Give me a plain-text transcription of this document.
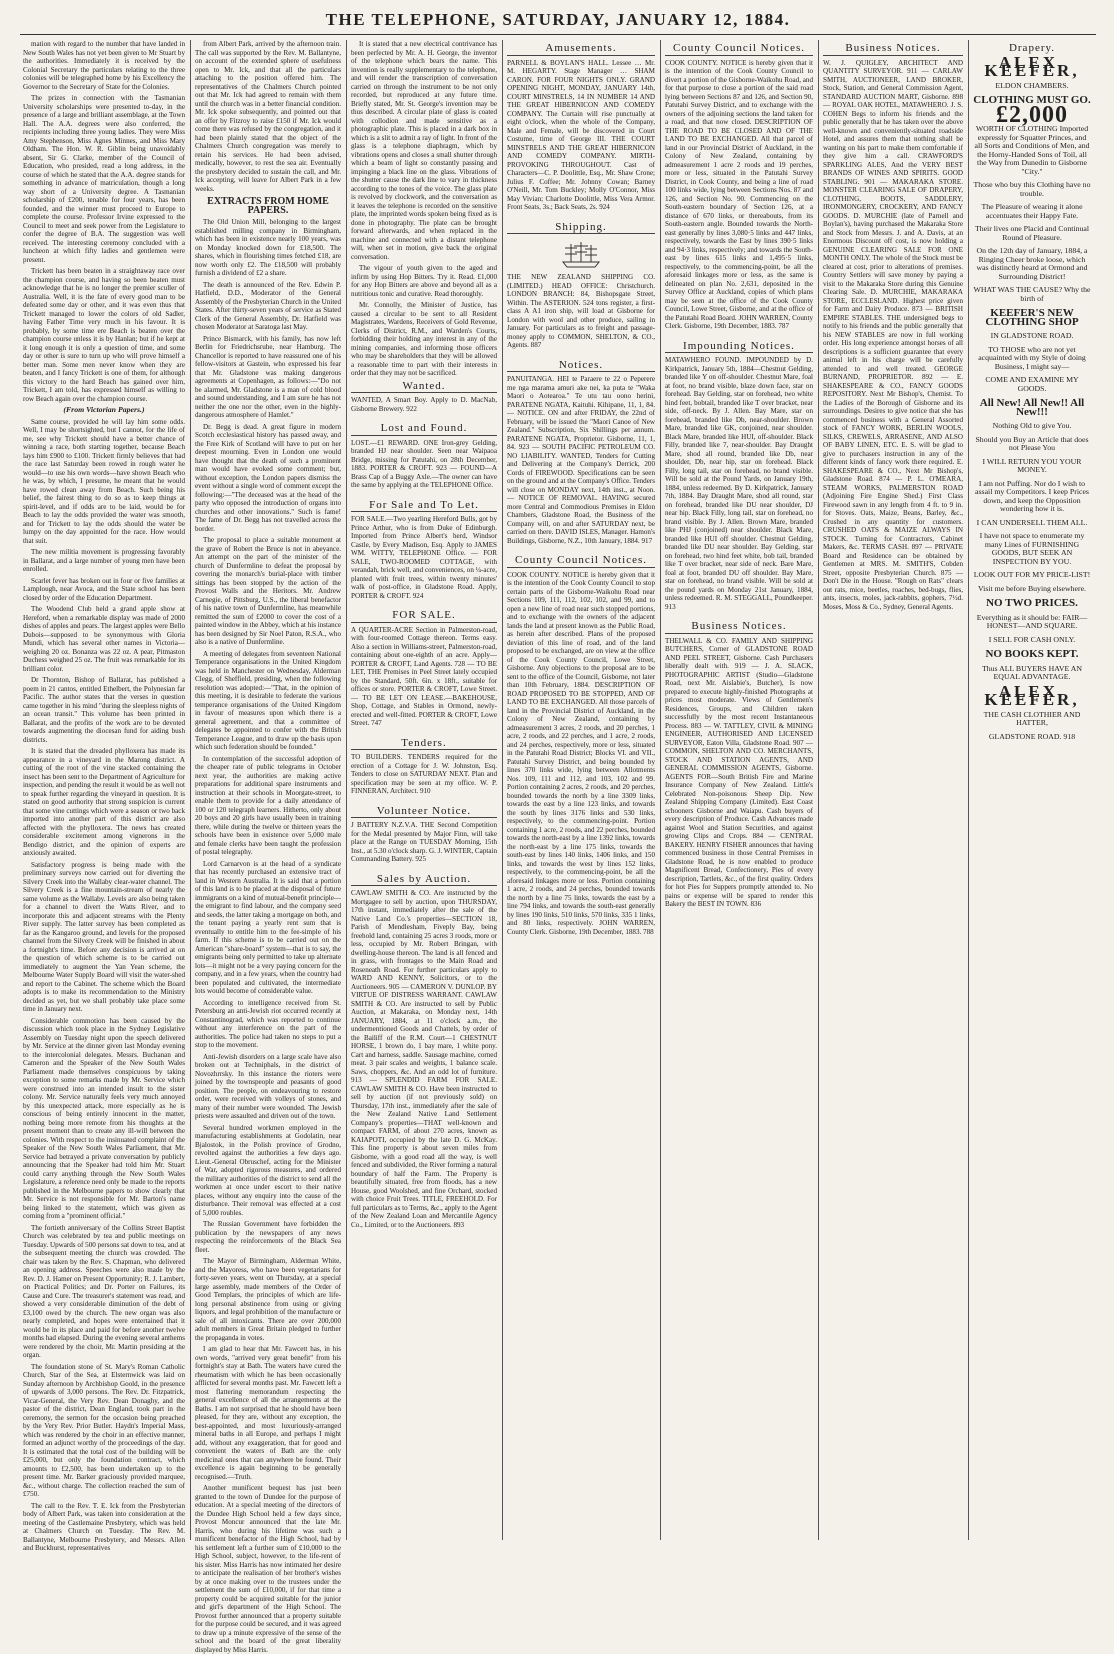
THE TELEPHONE, SATURDAY, JANUARY 12, 1884.

mation with regard to the number that have landed in New South Wales has not yet been given to Mr Stuart by the authorities. Immediately it is received by the Colonial Secretary the particulars relating to the three colonies will be telegraphed home by his Excellency the Governor to the Secretary of State for the Colonies.

The prizes in connection with the Tasmanian University scholarships were presented to-day, in the presence of a large and brilliant assemblage, at the Town Hall. The A.A. degrees were also conferred, the recipients including three young ladies. They were Miss Amy Stephenson, Miss Agnes Minnes, and Miss Mary Oldham. The Hon. W. R. Giblin being unavoidably absent, Sir G. Clarke, member of the Council of Education, who presided, read a long address, in the course of which he stated that the A.A. degree stands for something in advance of matriculation, though a long way short of a University degree. A Tasmanian scholarship of £200, tenable for four years, has been founded, and the winner must proceed to Europe to complete the course. Professor Irvine expressed to the Council to meet and seek power from the Legislature to confer the degree of B.A. The suggestion was well received. The interesting ceremony concluded with a luncheon at which fifty ladies and gentlemen were present.

Trickett has been beaten in a straightaway race over the champion course, and having so been beaten must acknowledge that he is no longer the premier sculler of Australia. Well, it is the fate of every good man to be defeated some day or other, and it was even thus that Trickett managed to lower the colors of old Sadler, having Father Time very much in his favour. It is probably, by some time ere Beach is beaten over the champion course unless it is by Hanlan; but if he kept at it long enough it is only a question of time, and some day or other is sure to turn up who will prove himself a better man. Some men never know when they are beaten, and I fancy Trickett is one of them, for although this victory to the hard Beach has gained over him, Trickett, I am told, has expressed himself as willing to row Beach again over the champion course.

(From Victorian Papers.)

Same course, provided he will lay him some odds. Well, I may be shortsighted, but I cannot, for the life of me, see why Trickett should have a better chance of winning a race, both starting together, because Beach lays him £900 to £100. Trickett firmly believes that had the race last Saturday been rowed in rough water he would—to use his own words—have shown Beach who he was, by which, I presume, he meant that he would have rowed clean away from Beach. Such being his belief, the fairest thing to do so as to keep things at spirit-level, and if odds are to be laid, would be for Beach to lay the odds provided the water was smooth, and for Trickett to lay the odds should the water be lumpy on the day appointed for the race. How would that suit.

The new militia movement is progressing favorably in Ballarat, and a large number of young men have been enrolled.

Scarlet fever has broken out in four or five families at Lamplough, near Avoca, and the State school has been closed by order of the Education Department.

The Woodend Club held a grand apple show at Hereford, when a remarkable display was made of 2000 dishes of apples and pears. The largest apples were Bello Dubois—supposed to be synonymous with Gloria Mundi, which has several other names in Victoria—weighing 20 oz. Bonanza was 22 oz. A pear, Pitmaston Duchess weighed 25 oz. The fruit was remarkable for its brilliant color.

Dr Thornton, Bishop of Ballarat, has published a poem in 21 cantos, entitled Ethelbert, the Polynesian far Pacific. The author states that the verses in question came together in his mind "during the sleepless nights of an ocean transit." This volume has been printed in Ballarat, and the profits of the work are to be devoted towards augmenting the diocesan fund for aiding bush districts.

It is stated that the dreaded phylloxera has made its appearance in a vineyard in the Marong district. A cutting of the root of the vine stacked containing the insect has been sent to the Department of Agriculture for inspection, and pending the result it would be as well not to speak further regarding the vineyard in question. It is stated on good authority that strong suspicion is current that some vine cuttings which were a season or two back imported into another part of this district are also affected with the phylloxera. The news has created considerable excitement among vignerons in the Bendigo district, and the opinion of experts are anxiously awaited.

Satisfactory progress is being made with the preliminary surveys now carried out for diverting the Silvery Creek into the Wallaby clear-water channel. The Silvery Creek is a fine mountain-stream of nearly the same volume as the Wallaby. Levels are also being taken for a channel to divert the Watts River, and to incorporate this and adjacent streams with the Plenty River supply. The latter survey has been completed as far as the Kangaroo ground, and levels for the proposed channel from the Silvery Creek will be finished in about a fortnight's time. Before any decision is arrived at on the question of which scheme is to be carried out immediately to augment the Yan Yean scheme, the Melbourne Water Supply Board will visit the water-shed and report to the Cabinet. The scheme which the Board adopts is to make its recommendation to the Ministry decided as yet, but we shall probably take place some time in January next.

Considerable commotion has been caused by the discussion which took place in the Sydney Legislative Assembly on Tuesday night upon the speech delivered by Mr. Service at the dinner given last Monday evening to the intercolonial delegates. Messrs. Buchanan and Cameron and the Speaker of the New South Wales Parliament made themselves conspicuous by taking exception to some remarks made by Mr. Service which were construed into an intended insult to the sister colony. Mr. Service naturally feels very much annoyed by this unexpected attack, more especially as he is conscious of being entirely innocent in the matter, nothing being more remote from his thoughts at the present moment than to create any ill-will between the colonies. With respect to the insinuated complaint of the Speaker of the New South Wales Parliament, that Mr. Service had betrayed a private conversation by publicly announcing that the Speaker had told him Mr. Stuart could carry anything through the New South Wales Legislature, a reference need only be made to the reports published in the Melbourne papers to show clearly that Mr. Service is not responsible for Mr. Barton's name being linked to the statement, which was given as coming from a "prominent official."

The fortieth anniversary of the Collins Street Baptist Church was celebrated by tea and public meetings on Tuesday. Upwards of 500 persons sat down to tea, and at the subsequent meeting the church was crowded. The chair was taken by the Rev. S. Chapman, who delivered an opening address. Speeches were also made by the Rev. D. J. Hamer on Present Opportunity; R. J. Lambert, on Practical Politics; and Dr. Porter on Failures, its Cause and Cure. The treasurer's statement was read, and showed a very considerable diminution of the debt of £3,100 owed by the church. The new organ was also nearly completed, and hopes were entertained that it would be in its place and paid for before another twelve months had elapsed. During the evening several anthems were rendered by the choir, Mr. Martin presiding at the organ.

The foundation stone of St. Mary's Roman Catholic Church, Star of the Sea, at Elsternwick was laid on Sunday afternoon by Archbishop Goold, in the presence of upwards of 3,000 persons. The Rev. Dr. Fitzpatrick, Vicar-General, the Very Rev. Dean Donaghy, and the pastor of the district, Dean England, took part in the ceremony, the sermon for the occasion being preached by the Very Rev. Prior Butler. Haydn's Imperial Mass, which was rendered by the choir in an effective manner, formed an adjunct worthy of the proceedings of the day. It is estimated that the total cost of the building will be £25,000, but only the foundation contract, which amounts to £2,500, has been undertaken up to the present time. Mr. Barker graciously provided marquee, &c., without charge. The collection reached the sum of £750.

The call to the Rev. T. E. Ick from the Presbyterian body of Albert Park, was taken into consideration at the meeting of the Castlemaine Presbytery, which was held at Chalmers Church on Tuesday. The Rev. M. Ballantyne, Melbourne Presbytery, and Messrs. Allen and Buckhurst, representatives

from Albert Park, arrived by the afternoon train. The call was supported by the Rev. M. Ballantyne, on account of the extended sphere of usefulness open to Mr. Ick, and that all the particulars attaching to the position offered him. The representatives of the Chalmers Church pointed out that Mr. Ick had agreed to remain with them until the church was in a better financial condition. Mr. Ick spoke subsequently, and pointed out that an offer by Fitzroy to raise £150 if Mr. Ick would come there was refused by the congregation, and it had been plainly stated that the object of the Chalmers Church congregation was merely to retain his services. He had been advised, medically, however, to rest the sea air. Eventually the presbytery decided to sustain the call, and Mr. Ick accepting, will leave for Albert Park in a few weeks.

EXTRACTS FROM HOME PAPERS.

The Old Union Mill, belonging to the largest established milling company in Birmingham, which has been in existence nearly 100 years, was on Monday knocked down for £18,500. The shares, which in flourishing times fetched £18, are now worth only £2. The £18,500 will probably furnish a dividend of £2 a share.

The death is announced of the Rev. Edwin P. Hatfield, D.D., Moderator of the General Assembly of the Presbyterian Church in the United States. After thirty-seven years of service as Stated Clerk of the General Assembly, Dr. Hatfield was chosen Moderator at Saratoga last May.

Prince Bismarck, with his family, has now left Berlin for Friedrichsruhe, near Hamburg. The Chancellor is reported to have reassured one of his fellow-visitors at Gastein, who expressed his fear that Mr. Gladstone was making dangerous agreements at Copenhagen, as follows:—"Do not be alarmed, Mr. Gladstone is a man of cold blood and sound understanding, and I am sure he has not neither the one nor the other, even in the highly-dangerous atmosphere of Hamlet."

Dr. Begg is dead. A great figure in modern Scotch ecclesiastical history has passed away, and the Free Kirk of Scotland will have to put on her deepest mourning. Even in London one would have thought that the death of such a prominent man would have evoked some comment; but, without exception, the London papers dismiss the event without a single word of comment except the following:—"The deceased was at the head of the party who opposed the introduction of organs into churches and other innovations." Such is fame! The fame of Dr. Begg has not travelled across the border.

The proposal to place a suitable monument at the grave of Robert the Bruce is not in abeyance. An attempt on the part of the minister of the church of Dunfermline to defeat the proposal by covering the monarch's burial-place with timber sittings has been stopped by the action of the Provost Walls and the Heritors. Mr. Andrew Carnegie, of Pittsburg, U.S., the liberal benefactor of his native town of Dunfermline, has meanwhile remitted the sum of £2000 to cover the cost of a painted window in the Abbey, which at his instance has been designed by Sir Noel Paton, R.S.A., who also is a native of Dunfermline.

A meeting of delegates from seventeen National Temperance organisations in the United Kingdom was held in Manchester on Wednesday, Alderman Clegg, of Sheffield, presiding, when the following resolution was adopted:—"That, in the opinion of this meeting, it is desirable to federate the various temperance organisations of the United Kingdom in favour of measures upon which there is a general agreement, and that a committee of delegates be appointed to confer with the British Temperance League, and to draw up the basis upon which such federation should be founded."

In contemplation of the successful adoption of the cheaper rate of public telegrams in October next year, the authorities are making active preparations for additional spare instruments and instruction at their schools in Moorgate-street, to enable them to provide for a daily attendance of 100 or 120 telegraph learners. Hitherto, only about 20 boys and 20 girls have usually been in training there, while during the twelve or thirteen years the schools have been in existence over 5,000 male and female clerks have been taught the profession of postal telegraphy.

Lord Carnarvon is at the head of a syndicate that has recently purchased an extensive tract of land in Western Australia. It is said that a portion of this land is to be placed at the disposal of future immigrants on a kind of mutual-benefit principle—the emigrant to find labour, and the company seed and seeds, the latter taking a mortgage on both, and the tenant paying a yearly rent sum that is eventually to entitle him to the fee-simple of his farm. If this scheme is to be carried out on the American "share-board" system—that is to say, the emigrants being only permitted to take up alternate lots—it might not be a very paying concern for the company, and in a few years, when the country had been populated and cultivated, the intermediate lots would become of considerable value.

According to intelligence received from St. Petersburg an anti-Jewish riot occurred recently at Constantinograd, which was reported to continue without any interference on the part of the authorities. The police had taken no steps to put a stop to the movement.

Anti-Jewish disorders on a large scale have also broken out at Techniphals, in the district of Novozhrrsky. In this instance the rioters were joined by the townspeople and peasants of good position. The people, on endeavouring to restore order, were received with volleys of stones, and many of their number were wounded. The Jewish priests were assaulted and driven out of the town.

Several hundred workmen employed in the manufacturing establishments at Godolatin, near Bjalostok, in the Polish province of Grodno, revolted against the authorities a few days ago. Lieut.-General Obruschef, acting for the Minister of War, adopted rigorous measures, and ordered the military authorities of the district to send all the workmen at once under escort to their native places, without any enquiry into the cause of the disturbance. Their removal was effected at a cost of 5,000 roubles.

The Russian Government have forbidden the publication by the newspapers of any news respecting the reinforcements of the Black Sea fleet.

The Mayor of Birmingham, Alderman White, and the Mayoress, who have been vegetarians for forty-seven years, went on Thursday, at a special large assembly, made members of the Order of Good Templars, the principles of which are life-long personal abstinence from using or giving liquors, and legal prohibition of the manufacture or sale of all intoxicants. There are over 200,000 adult members in Great Britain pledged to further the propaganda in votes.

I am glad to hear that Mr. Fawcett has, in his own words, "arrived very great benefit" from his fortnight's stay at Bath. The waters have cured the rheumatism with which he has been occasionally afflicted for several months past. Mr. Fawcett left a most flattering memorandum respecting the general excellence of all the arrangements at the Baths. I am not surprised that he should have been pleased, for they are, without any exception, the best-appointed, and most luxuriously-arranged mineral baths in all Europe, and perhaps I might add, without any exaggeration, that for good and convenient the waters of Bath are the only medicinal ones that can anywhere be found. Their excellence is again beginning to be generally recognised.—Truth.

Another munificent bequest has just been granted to the town of Dundee for the purpose of education. At a special meeting of the directors of the Dundee High School held a few days since, Provost Moncur announced that the late Mr. Harris, who during his lifetime was such a munificent benefactor of the High School, had by his settlement left a further sum of £10,000 to the High School, subject, however, to the life-rent of his sister. Miss Harris has now intimated her desire to anticipate the realisation of her brother's wishes by at once making over to the trustees under the settlement the sum of £10,000, if for that time a property could be acquired suitable for the junior and girl's department of the High School. The Provost further announced that a property suitable for the purpose could be secured, and it was agreed to draw up a minute expressive of the sense of the school and the board of the great liberality displayed by Miss Harris.

It is stated that a new electrical contrivance has been perfected by Mr. A. H. George, the inventor of the telephone which bears the name. This invention is really supplementary to the telephone, and will render the transcription of conversation carried on through the instrument to be not only recorded, but reproduced at any future time. Briefly stated, Mr. St. George's invention may be thus described. A circular plate of glass is coated with collodion and made sensitive as a photographic plate. This is placed in a dark box in which is a slit to admit a ray of light. In front of the glass is a telephone diaphragm, which by vibrations opens and closes a small shutter through which a beam of light so constantly passing and impinging a black line on the glass. Vibrations of the shutter cause the dark line to vary in thickness according to the tones of the voice. The glass plate is revolved by clockwork, and the conversation as it leaves the telephone is recorded on the sensitive plate, the imprinted words spoken being fixed as is done in photography. The plate can be brought forward afterwards, and when replaced in the machine and connected with a distant telephone will, when set in motion, give back the original conversation.

The vigour of youth given to the aged and infirm by using Hop Bitters. Try it. Read. £1,000 for any Hop Bitters are above and beyond all as a nutritious tonic and curative. Read thoroughly.

Mr. Connolly, the Minister of Justice, has caused a circular to be sent to all Resident Magistrates, Wardens, Receivers of Gold Revenue, Clerks of District, R.M., and Warden's Courts, forbidding their holding any interest in any of the mining companies, and informing those officers who may be shareholders that they will be allowed a reasonable time to part with their interests in order that they may not be sacrificed.

Wanted.

WANTED, A Smart Boy. Apply to D. MacNab, Gisborne Brewery. 922

Lost and Found.

LOST.—£1 REWARD. ONE Iron-grey Gelding, branded HJ near shoulder. Seen near Waipaoa Bridge, missing for Patutahi, on 28th December, 1883. PORTER & CROFT. 923 — FOUND—A Brass Cap of a Buggy Axle.—The owner can have the same by applying at the TELEPHONE Office.

For Sale and To Let.

FOR SALE.—Two yearling Hereford Bulls, got by Prince Arthur, who is from Duke of Edinburgh. Imported from Prince Albert's herd, Windsor Castle, by Every Madison, Esq. Apply to JAMES WM. WITTY, TELEPHONE Office. — FOR SALE, TWO-ROOMED COTTAGE, with verandah, brick well, and conveniences, on ¼-acre, planted with fruit trees, within twenty minutes' walk of post-office, in Gladstone Road. Apply, PORTER & CROFT. 924

FOR SALE.

A QUARTER-ACRE Section in Palmerston-road, with four-roomed Cottage thereon. Terms easy. Also a section in Williams-street, Palmerston-road, containing about one-eighth of an acre. Apply—PORTER & CROFT, Land Agents. 728 — TO BE LET, THE Premises in Peel Street lately occupied by the Standard, 50ft. 6in. x 18ft., suitable for offices or store. PORTER & CROFT, Lowe Street. — TO BE LET ON LEASE.—BAKEHOUSE, Shop, Cottage, and Stables in Ormond, newly-erected and well-fitted. PORTER & CROFT, Lowe Street. 747

Tenders.

TO BUILDERS. TENDERS required for the erection of a Cottage for J. W. Johnston, Esq. Tenders to close on SATURDAY NEXT. Plan and specification may be seen at my office. W. P. FINNERAN, Architect. 910

Volunteer Notice.

J BATTERY N.Z.V.A. THE Second Competition for the Medal presented by Major Finn, will take place at the Range on TUESDAY Morning, 15th Inst., at 5.30 o'clock sharp. G. J. WINTER, Captain Commanding Battery. 925

Sales by Auction.

CAWLAW SMITH & CO. Are instructed by the Mortgagee to sell by auction, upon THURSDAY, 17th instant, immediately after the sale of the Native Land Co.'s properties—SECTION 18, Parish of Mendlesham, Fiveply Bay, being freehold land, containing 25 acres 3 roods, more or less, occupied by Mr. Robert Bringan, with dwelling-house thereon. The land is all fenced and in grass, with frontages to the Main Road and Roseneath Road. For further particulars apply to WARD AND KENNY, Solicitors, or to the Auctioneers. 905 — CAMERON V. DUNLOP. BY VIRTUE OF DISTRESS WARRANT. CAWLAW SMITH & CO. Are instructed to sell by Public Auction, at Makaraka, on Monday next, 14th JANUARY, 1884, at 11 o'clock a.m., the undermentioned Goods and Chattels, by order of the Bailiff of the R.M. Court—1 CHESTNUT HORSE, 1 brown do, 1 bay mare, 1 white pony. Cart and harness, saddle. Sausage machine, corned meat. 3 pair scales and weights, 1 balance scale. Saws, choppers, &c. And an odd lot of furniture. 913 — SPLENDID FARM FOR SALE. CAWLAW SMITH & CO. Have been instructed to sell by auction (if not previously sold) on Thursday, 17th inst., immediately after the sale of the New Zealand Native Land Settlement Company's properties—THAT well-known and compact FARM, of about 270 acres, known as KAIAPOTI, occupied by the late D. G. McKay. This fine property is about seven miles from Gisborne, with a good road all the way, is well fenced and subdivided, the River forming a natural boundary of half the Farm. The Property is beautifully situated, free from floods, has a new House, good Woolshed, and fine Orchard, stocked with choice Fruit Trees. TITLE, FREEHOLD. For full particulars as to Terms, &c., apply to the Agent of the New Zealand Loan and Mercantile Agency Co., Limited, or to the Auctioneers. 893

Amusements.

PARNELL & BOYLAN'S HALL. Lessee … Mr. M. HEGARTY. Stage Manager … SHAM CARON. FOR FOUR NIGHTS ONLY. GRAND OPENING NIGHT, MONDAY, JANUARY 14th, COURT MINSTRELS, 14 IN NUMBER 14 AND THE GREAT HIBERNICON AND COMEDY COMPANY. The Curtain will rise punctually at eight o'clock, when the whole of the Company, Male and Female, will be discovered in Court Costume, time of George III. THE COURT MINSTRELS AND THE GREAT HIBERNICON AND COMEDY COMPANY. MIRTH-PROVOKING THROUGHOUT. Cast of Characters—C. P. Doolittle, Esq., Mr. Shaw Crone; Julius F. Coffee; Mr. Johnny Cowan; Barney O'Neill, Mr. Tom Buckley; Molly O'Connor, Miss May Vivian; Charlotte Doolittle, Miss Vera Armor. Front Seats, 3s.; Back Seats, 2s. 924

Shipping.

THE NEW ZEALAND SHIPPING CO. (LIMITED.) HEAD OFFICE: Christchurch. LONDON BRANCH: 84, Bishopsgate Street, Within. The ASTERION. 524 tons register, a first-class A A1 iron ship, will load at Gisborne for London with wool and other produce, sailing in January. For particulars as to freight and passage-money apply to COMMON, SHELTON, & CO., Agents. 887

Notices.

PANUITANGA. HEI te Paraere te 22 o Peperere me nga marama amuri ake nei, ka puta te "Waka Maori o Aotearoa." Te utu tau oono herini, PARATENE NGATA, Kaituhi. Kihipane, 11, 1, 84. — NOTICE. ON and after FRIDAY, the 22nd of February, will be issued the "Maori Canoe of New Zealand." Subscription, Six Shillings per annum. PARATENE NGATA, Proprietor. Gisborne, 11, 1, 84. 923 — SOUTH PACIFIC PETROLEUM CO. NO LIABILITY. WANTED, Tenders for Cutting and Delivering at the Company's Derrick, 200 Cords of FIREWOOD. Specifications can be seen on the ground and at the Company's Office. Tenders will close on MONDAY next, 14th inst., at Noon. — NOTICE OF REMOVAL. HAVING secured more Central and Commodious Premises in Eldon Chambers, Gladstone Road, the Business of the Company will, on and after SATURDAY next, be carried on there. DAVID ISLES, Manager. Hamon's Buildings, Gisborne, N.Z., 10th January, 1884. 917

County Council Notices.

COOK COUNTY. NOTICE is hereby given that it is the intention of the Cook County Council to stop certain parts of the Gisborne-Waikohu Road near Sections 109, 111, 112, 102, 102, and 99, and to open a new line of road near such stopped portions, and to exchange with the owners of the adjacent lands the land at present known as the Public Road, as herein after described. Plans of the proposed deviation of this line of road, and of the land proposed to be exchanged, are on view at the office of the Cook County Council, Lowe Street, Gisborne. Any objections to the proposal are to be sent to the office of the Council, Gisborne, not later than 10th February, 1884. DESCRIPTION OF ROAD PROPOSED TO BE STOPPED, AND OF LAND TO BE EXCHANGED. All those parcels of land in the Provincial District of Auckland, in the Colony of New Zealand, containing by admeasurement 3 acres, 2 roods, and 20 perches, 1 acre, 2 roods, and 22 perches, and 1 acre, 2 roods, and 24 perches, respectively, more or less, situated in the Patutahi Road District; Blocks VI. and VII., Patutahi Survey District, and being bounded by lines 370 links wide, lying between Allotments Nos. 109, 111 and 112, and 103, 102 and 99. Portion containing 2 acres, 2 roods, and 20 perches, bounded towards the north by a line 3309 links, towards the east by a line 123 links, and towards the south by lines 3176 links and 530 links, respectively, to the commencing-point. Portion containing 1 acre, 2 roods, and 22 perches, bounded towards the north-east by a line 1392 links, towards the north-east by a line 175 links, towards the south-east by lines 140 links, 1406 links, and 150 links, and towards the west by lines 152 links, respectively, to the commencing-point, be all the aforesaid linkages more or less. Portion containing 1 acre, 2 roods, and 24 perches, bounded towards the north by a line 75 links, towards the east by a line 794 links, and towards the south-east generally by lines 190 links, 510 links, 570 links, 335 1 links, and 80 links, respectively. JOHN WARREN, County Clerk. Gisborne, 19th December, 1883. 788

County Council Notices.

COOK COUNTY. NOTICE is hereby given that it is the intention of the Cook County Council to divert a portion of the Gisborne-Waikohu Road, and for that purpose to close a portion of the said road lying between Sections 87 and 126, and Section 90, Patutahi Survey District, and to exchange with the owners of the adjoining sections the land taken for a road, and that now closed. DESCRIPTION OF THE ROAD TO BE CLOSED AND OF THE LAND TO BE EXCHANGED. All that parcel of land in our Provincial District of Auckland, in the Colony of New Zealand, containing by admeasurement 1 acre 2 roods and 19 perches, more or less, situated in the Patutahi Survey District, in Cook County, and being a line of road 100 links wide, lying between Sections Nos. 87 and 126, and Section No. 90. Commencing on the South-eastern boundary of Section 126, at a distance of 670 links, or thereabouts, from its South-eastern angle. Bounded towards the North-east generally by lines 3,080·5 links and 447 links, respectively, towards the East by lines 390·5 links and 94·3 links, respectively; and towards the South-east by lines 615 links and 1,495·5 links, respectively, to the commencing-point, be all the aforesaid linkages more or less, as the same is delineated on plan No. 2,631, deposited in the Survey Office at Auckland, copies of which plans may be seen at the office of the Cook County Council, Lowe Street, Gisborne, and at the office of the Patutahi Road Board. JOHN WARREN, County Clerk. Gisborne, 19th December, 1883. 787

Impounding Notices.

MATAWHERO FOUND. IMPOUNDED by D. Kirkpatrick, January 5th, 1884—Chestnut Gelding, branded like Y on off-shoulder. Chestnut Mare, foal at foot, no brand visible, blaze down face, star on forehead. Bay Gelding, star on forehead, two white hind feet, bobtail, branded like T over bracket, near side, off-neck. By J. Allen. Bay Mare, star on forehead, branded like Db, near-shoulder. Brown Mare, branded like GK, conjoined, near shoulder. Black Mare, branded like HUI, off-shoulder. Black Filly, branded like 7, near-shoulder. Bay Draught Mare, shod all round, branded like Db, near shoulder, Db, near hip, star on forehead. Black Filly, long tail, star on forehead, no brand visible. Will be sold at the Pound Yards, on January 19th, 1884, unless redeemed. By D. Kirkpatrick, January 7th, 1884. Bay Draught Mare, shod all round, star on forehead, branded like DU near shoulder, DJ near hip. Black Filly, long tail, star on forehead, no brand visible. By J. Allen. Brown Mare, branded like PHJ (conjoined) near shoulder. Black Mare, branded like HUI off shoulder. Chestnut Gelding, branded like DU near shoulder. Bay Gelding, star on forehead, two hind feet white, bob tail, branded like T over bracket, near side of neck. Bare Mare, foal at foot, branded DU off shoulder. Bay Mare, star on forehead, no brand visible. Will be sold at the pound yards on Monday 21st January, 1884, unless redeemed. R. M. STEGGALL, Poundkeeper. 913

Business Notices.

THELWALL & CO. FAMILY AND SHIPPING BUTCHERS, Corner of GLADSTONE ROAD AND PEEL STREET, Gisborne. Cash Purchasers liberally dealt with. 919 — J. A. SLACK, PHOTOGRAPHIC ARTIST (Studio—Gladstone Road, next Mr. Aislabie's, Butcher), Is now prepared to execute highly-finished Photographs at prices most moderate. Views of Gentlemen's Residences, Groups, and Children taken successfully by the most recent Instantaneous Process. 883 — W. TATTLEY, CIVIL & MINING ENGINEER, AUTHORISED AND LICENSED SURVEYOR, Eaton Villa, Gladstone Road. 907 — COMMON, SHELTON AND CO. MERCHANTS, STOCK AND STATION AGENTS, AND GENERAL COMMISSION AGENTS, Gisborne. AGENTS FOR—South British Fire and Marine Insurance Company of New Zealand. Little's Celebrated Non-poisonous Sheep Dip. New Zealand Shipping Company (Limited). East Coast schooners Gisborne and Waiapu. Cash buyers of every description of Produce. Cash Advances made against Wool and Station Securities, and against growing Clips and Crops. 884 — CENTRAL BAKERY. HENRY FISHER announces that having commenced business in those Central Premises in Gladstone Road, he is now enabled to produce Magnificent Bread, Confectionery, Pies of every description, Tartlets, &c., of the first quality. Orders for hot Pies for Suppers promptly attended to. No pains or expense will be spared to render this Bakery the BEST IN TOWN. 836

Business Notices.

W. J. QUIGLEY, ARCHITECT AND QUANTITY SURVEYOR. 911 — CARLAW SMITH, AUCTIONEER, LAND BROKER, Stock, Station, and General Commission Agent, STANDARD AUCTION MART, Gisborne. 898 — ROYAL OAK HOTEL, MATAWHERO. J. S. COHEN Begs to inform his friends and the public generally that he has taken over the above well-known and conveniently-situated roadside Hotel, and assures them that nothing shall be wanting on his part to make them comfortable if they give him a call. CRAWFORD'S SPARKLING ALES, And the VERY BEST BRANDS OF WINES AND SPIRITS. GOOD STABLING. 901 — MAKARAKA STORE. MONSTER CLEARING SALE OF DRAPERY, CLOTHING, BOOTS, SADDLERY, IRONMONGERY, CROCKERY, AND FANCY GOODS. D. MURCHIE (late of Parnell and Boylan's), having purchased the Makaraka Store and Stock from Messrs. J. and A. Davis, at an Enormous Discount off cost, is now holding a GENUINE CLEARING SALE FOR ONE MONTH ONLY. The whole of the Stock must be cleared at cost, prior to alterations of premises. Country Settlers will save money by paying a visit to the Makaraka Store during this Genuine Clearing Sale. D. MURCHIE, MAKARAKA STORE, ECCLESLAND. Highest price given for Farm and Dairy Produce. 873 — BRITISH EMPIRE STABLES. THE undersigned begs to notify to his friends and the public generally that his NEW STABLES are now in full working order. His long experience amongst horses of all descriptions is a sufficient guarantee that every animal left in his charge will be carefully attended to and well treated. GEORGE BURNAND, PROPRIETOR. 892 — E. SHAKESPEARE & CO., FANCY GOODS REPOSITORY. Next Mr Bishop's, Chemist. To the Ladies of the Borough of Gisborne and its surroundings. Desires to give notice that she has commenced business with a General Assorted stock of FANCY WORK, BERLIN WOOLS, SILKS, CREWELS, ARRASENE, AND ALSO OF BABY LINEN, ETC. E. S. will be glad to give to purchasers instruction in any of the different kinds of fancy work there required. E. SHAKESPEARE & CO., Next Mr Bishop's, Gladstone Road. 874 — P. L. O'MEARA, STEAM WORKS, PALMERSTON ROAD (Adjoining Fire Engine Shed.) First Class Firewood sawn in any length from 4 ft. to 9 in. for Stoves. Oats, Maize, Beans, Barley, &c., Crushed in any quantity for customers. CRUSHED OATS & MAIZE ALWAYS IN STOCK. Turning for Contractors, Cabinet Makers, &c. TERMS CASH. 897 — PRIVATE Board and Residence can be obtained by Gentlemen at MRS. M. SMITH'S, Cobden Street, opposite Presbyterian Church. 875 — Don't Die in the House. "Rough on Rats" clears out rats, mice, beetles, roaches, bed-bugs, flies, ants, insects, moles, jack-rabbits, gophers, 7½d. Moses, Moss & Co., Sydney, General Agents.

Drapery.
ALEX. KEEFER,
ELDON CHAMBERS.
CLOTHING MUST GO.
£2,000
WORTH OF CLOTHING Imported expressly for Squatter Princes, and all Sorts and Conditions of Men, and the Horny-Handed Sons of Toil, all the Way from Dunedin to Gisborne "City."
Those who buy this Clothing have no trouble.
The Pleasure of wearing it alone accentuates their Happy Fate.
Their lives one Placid and Continual Round of Pleasure.
On the 12th day of January, 1884, a Ringing Cheer broke loose, which was distinctly heard at Ormond and Surrounding District!
WHAT WAS THE CAUSE? Why the birth of
KEEFER'S NEW CLOTHING SHOP
IN GLADSTONE ROAD.
TO THOSE who are not yet acquainted with my Style of doing Business, I might say—
COME AND EXAMINE MY GOODS.
All New! All New!! All New!!!
Nothing Old to give You.
Should you Buy an Article that does not Please You
I WILL RETURN YOU YOUR MONEY.
I am not Puffing. Nor do I wish to assail my Competitors. I keep Prices down, and keep the Opposition wondering how it is.
I CAN UNDERSELL THEM ALL.
I have not space to enumerate my many Lines of FURNISHING GOODS, BUT SEEK AN INSPECTION BY YOU.
LOOK OUT FOR MY PRICE-LIST!
Visit me before Buying elsewhere.
NO TWO PRICES.
Everything as it should be: FAIR—HONEST—AND SQUARE.
I SELL FOR CASH ONLY.
NO BOOKS KEPT.
Thus ALL BUYERS HAVE AN EQUAL ADVANTAGE.
ALEX. KEEFER,
THE CASH CLOTHIER AND HATTER,
GLADSTONE ROAD. 918
